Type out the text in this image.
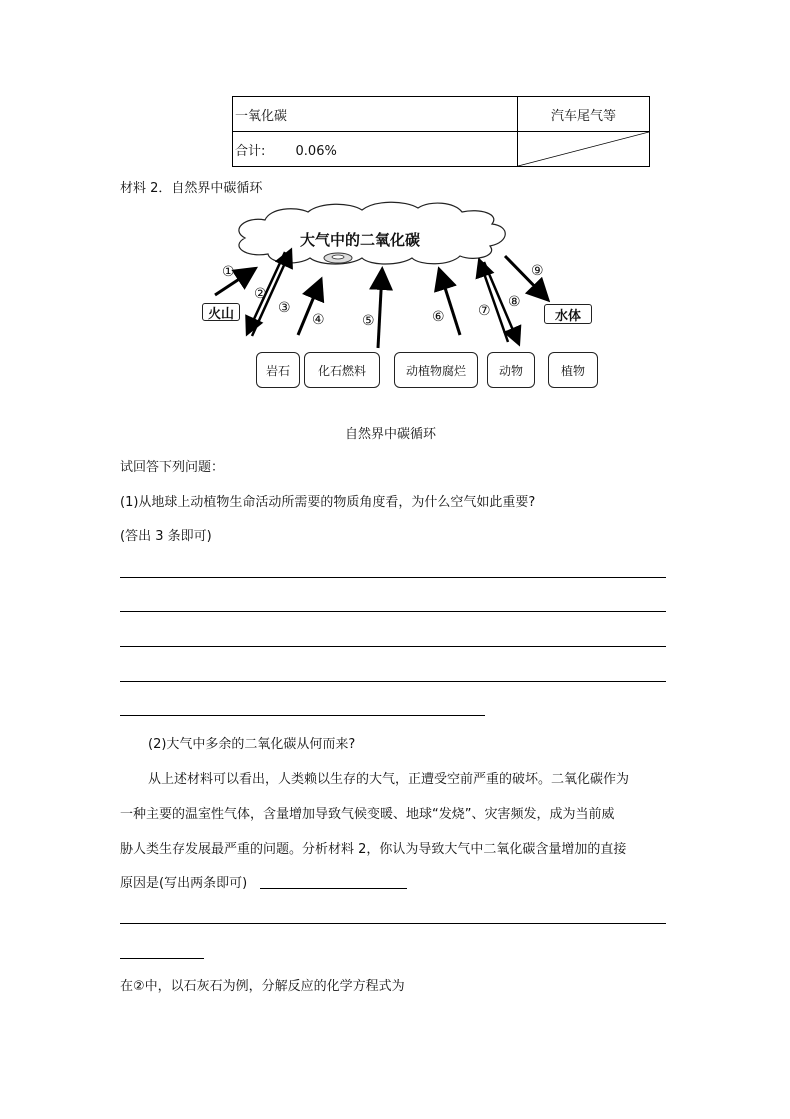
一氧化碳	汽车尾气等
合计: 0.06%	
材料 2．自然界中碳循环
大气中的二氧化碳
火山	水体
①
②
③
④	⑤	⑥ ⑦
⑧
⑨
岩石	化石燃料	动植物腐烂	动物	植物
自然界中碳循环
试回答下列问题：
(1)从地球上动植物生命活动所需要的物质角度看，为什么空气如此重要?
(答出 3 条即可)
(2)大气中多余的二氧化碳从何而来?
从上述材料可以看出，人类赖以生存的大气，正遭受空前严重的破坏。二氧化碳作为
一种主要的温室性气体，含量增加导致气候变暖、地球“发烧”、灾害频发，成为当前威
胁人类生存发展最严重的问题。分析材料 2，你认为导致大气中二氧化碳含量增加的直接
原因是(写出两条即可)
在②中，以石灰石为例，分解反应的化学方程式为
